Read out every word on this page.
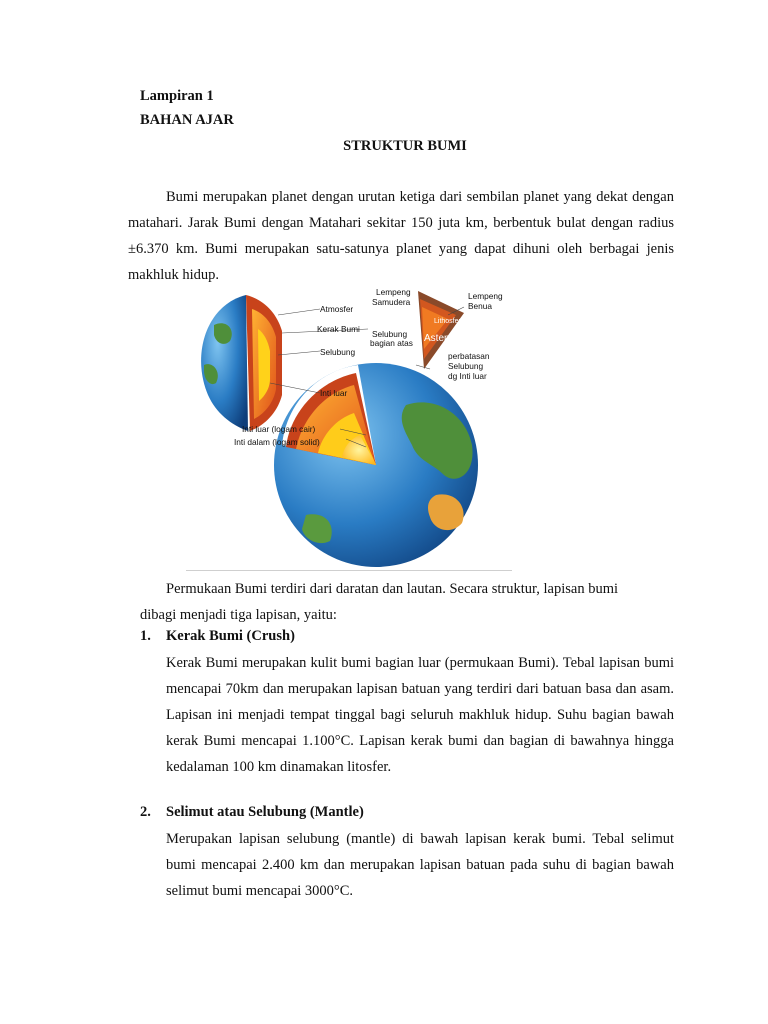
Lampiran 1
BAHAN AJAR
STRUKTUR BUMI
Bumi merupakan planet dengan urutan ketiga dari sembilan planet yang dekat dengan matahari. Jarak Bumi dengan Matahari sekitar 150 juta km, berbentuk bulat dengan radius ±6.370 km. Bumi merupakan satu-satunya planet yang dapat dihuni oleh berbagai jenis makhluk hidup.
Lempeng
Samudera
Lempeng
Benua
Atmosfer
Kerak Bumi Selubung
bagian atas
Lithosfer
Astenosfer
Selubung	perbatasan
Selubung
dg Inti luar
Inti luar
Inti luar (logam cair)
Inti dalam (logam solid)
Permukaan Bumi terdiri dari daratan dan lautan. Secara struktur, lapisan bumi
dibagi menjadi tiga lapisan, yaitu:
1. Kerak Bumi (Crush)
Kerak Bumi merupakan kulit bumi bagian luar (permukaan Bumi). Tebal lapisan bumi mencapai 70km dan merupakan lapisan batuan yang terdiri dari batuan basa dan asam. Lapisan ini menjadi tempat tinggal bagi seluruh makhluk hidup. Suhu bagian bawah kerak Bumi mencapai 1.100°C. Lapisan kerak bumi dan bagian di bawahnya hingga kedalaman 100 km dinamakan litosfer.
2. Selimut atau Selubung (Mantle)
Merupakan lapisan selubung (mantle) di bawah lapisan kerak bumi. Tebal selimut bumi mencapai 2.400 km dan merupakan lapisan batuan pada suhu di bagian bawah selimut bumi mencapai 3000°C.
